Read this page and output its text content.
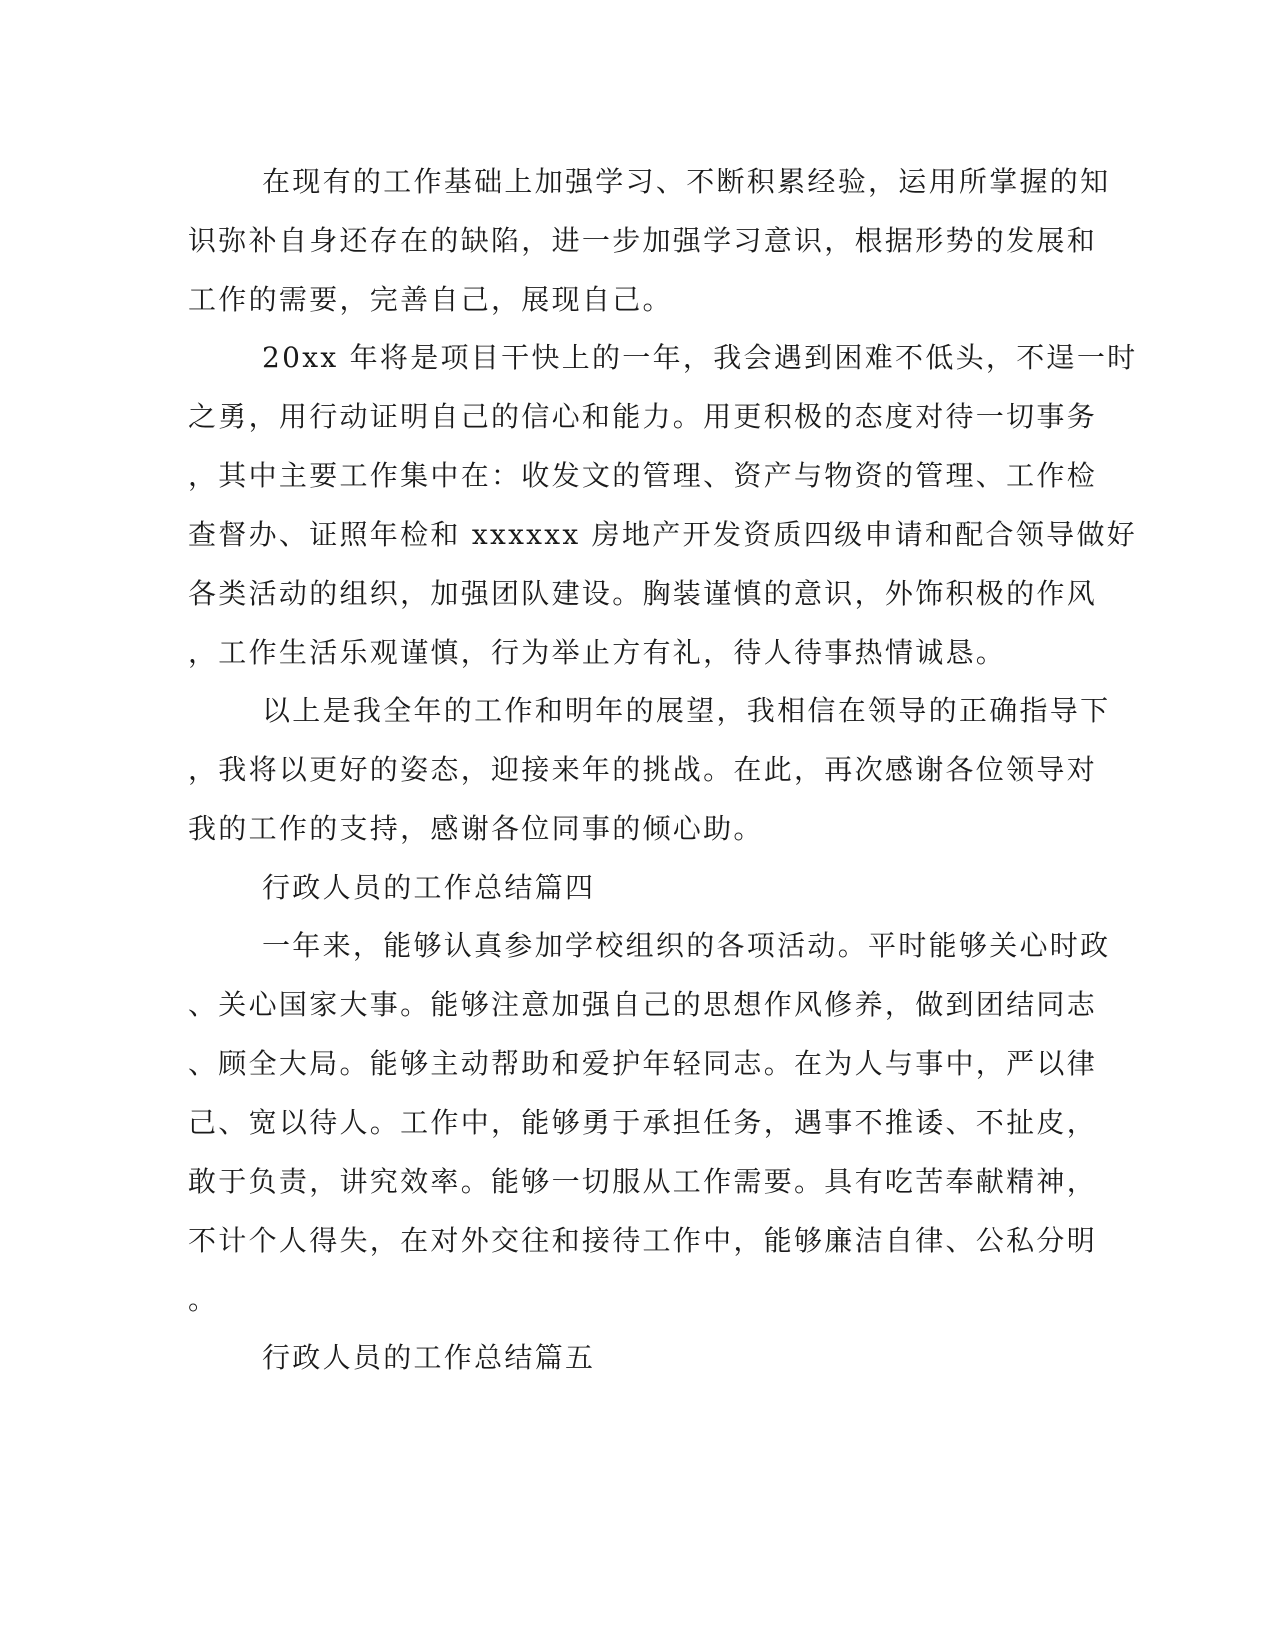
在现有的工作基础上加强学习、不断积累经验，运用所掌握的知
识弥补自身还存在的缺陷，进一步加强学习意识，根据形势的发展和
工作的需要，完善自己，展现自己。
20xx 年将是项目干快上的一年，我会遇到困难不低头，不逞一时
之勇，用行动证明自己的信心和能力。用更积极的态度对待一切事务
，其中主要工作集中在：收发文的管理、资产与物资的管理、工作检
查督办、证照年检和 xxxxxx 房地产开发资质四级申请和配合领导做好
各类活动的组织，加强团队建设。胸装谨慎的意识，外饰积极的作风
，工作生活乐观谨慎，行为举止方有礼，待人待事热情诚恳。
以上是我全年的工作和明年的展望，我相信在领导的正确指导下
，我将以更好的姿态，迎接来年的挑战。在此，再次感谢各位领导对
我的工作的支持，感谢各位同事的倾心助。
行政人员的工作总结篇四
一年来，能够认真参加学校组织的各项活动。平时能够关心时政
、关心国家大事。能够注意加强自己的思想作风修养，做到团结同志
、顾全大局。能够主动帮助和爱护年轻同志。在为人与事中，严以律
己、宽以待人。工作中，能够勇于承担任务，遇事不推诿、不扯皮，
敢于负责，讲究效率。能够一切服从工作需要。具有吃苦奉献精神，
不计个人得失，在对外交往和接待工作中，能够廉洁自律、公私分明
。
行政人员的工作总结篇五
